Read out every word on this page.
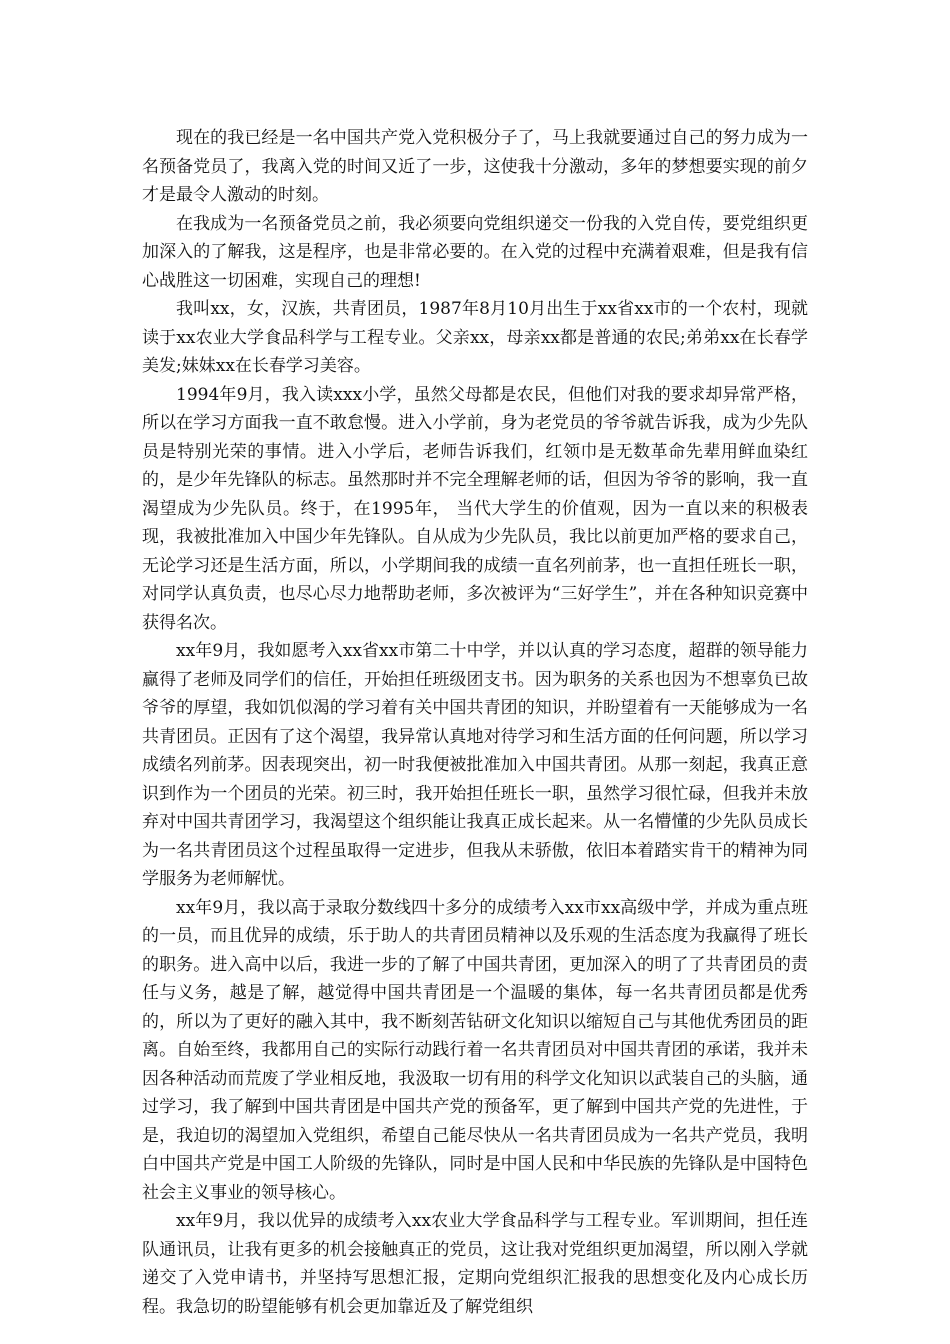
现在的我已经是一名中国共产党入党积极分子了，马上我就要通过自己的努力成为一名预备党员了，我离入党的时间又近了一步，这使我十分激动，多年的梦想要实现的前夕才是最令人激动的时刻。

在我成为一名预备党员之前，我必须要向党组织递交一份我的入党自传，要党组织更加深入的了解我，这是程序，也是非常必要的。在入党的过程中充满着艰难，但是我有信心战胜这一切困难，实现自己的理想!

我叫xx，女，汉族，共青团员，1987年8月10月出生于xx省xx市的一个农村，现就读于xx农业大学食品科学与工程专业。父亲xx，母亲xx都是普通的农民;弟弟xx在长春学美发;妹妹xx在长春学习美容。

1994年9月，我入读xxx小学，虽然父母都是农民，但他们对我的要求却异常严格，所以在学习方面我一直不敢怠慢。进入小学前，身为老党员的爷爷就告诉我，成为少先队员是特别光荣的事情。进入小学后，老师告诉我们，红领巾是无数革命先辈用鲜血染红的，是少年先锋队的标志。虽然那时并不完全理解老师的话，但因为爷爷的影响，我一直渴望成为少先队员。终于，在1995年， 当代大学生的价值观，因为一直以来的积极表现，我被批准加入中国少年先锋队。自从成为少先队员，我比以前更加严格的要求自己，无论学习还是生活方面，所以，小学期间我的成绩一直名列前茅，也一直担任班长一职，对同学认真负责，也尽心尽力地帮助老师，多次被评为“三好学生”，并在各种知识竞赛中获得名次。

xx年9月，我如愿考入xx省xx市第二十中学，并以认真的学习态度，超群的领导能力赢得了老师及同学们的信任，开始担任班级团支书。因为职务的关系也因为不想辜负已故爷爷的厚望，我如饥似渴的学习着有关中国共青团的知识，并盼望着有一天能够成为一名共青团员。正因有了这个渴望，我异常认真地对待学习和生活方面的任何问题，所以学习成绩名列前茅。因表现突出，初一时我便被批准加入中国共青团。从那一刻起，我真正意识到作为一个团员的光荣。初三时，我开始担任班长一职，虽然学习很忙碌，但我并未放弃对中国共青团学习，我渴望这个组织能让我真正成长起来。从一名懵懂的少先队员成长为一名共青团员这个过程虽取得一定进步，但我从未骄傲，依旧本着踏实肯干的精神为同学服务为老师解忧。

xx年9月，我以高于录取分数线四十多分的成绩考入xx市xx高级中学，并成为重点班的一员，而且优异的成绩，乐于助人的共青团员精神以及乐观的生活态度为我赢得了班长的职务。进入高中以后，我进一步的了解了中国共青团，更加深入的明了了共青团员的责任与义务，越是了解，越觉得中国共青团是一个温暖的集体，每一名共青团员都是优秀的，所以为了更好的融入其中，我不断刻苦钻研文化知识以缩短自己与其他优秀团员的距离。自始至终，我都用自己的实际行动践行着一名共青团员对中国共青团的承诺，我并未因各种活动而荒废了学业相反地，我汲取一切有用的科学文化知识以武装自己的头脑，通过学习，我了解到中国共青团是中国共产党的预备军，更了解到中国共产党的先进性，于是，我迫切的渴望加入党组织，希望自己能尽快从一名共青团员成为一名共产党员，我明白中国共产党是中国工人阶级的先锋队，同时是中国人民和中华民族的先锋队是中国特色社会主义事业的领导核心。

xx年9月，我以优异的成绩考入xx农业大学食品科学与工程专业。军训期间，担任连队通讯员，让我有更多的机会接触真正的党员，这让我对党组织更加渴望，所以刚入学就递交了入党申请书，并坚持写思想汇报，定期向党组织汇报我的思想变化及内心成长历程。我急切的盼望能够有机会更加靠近及了解党组织
